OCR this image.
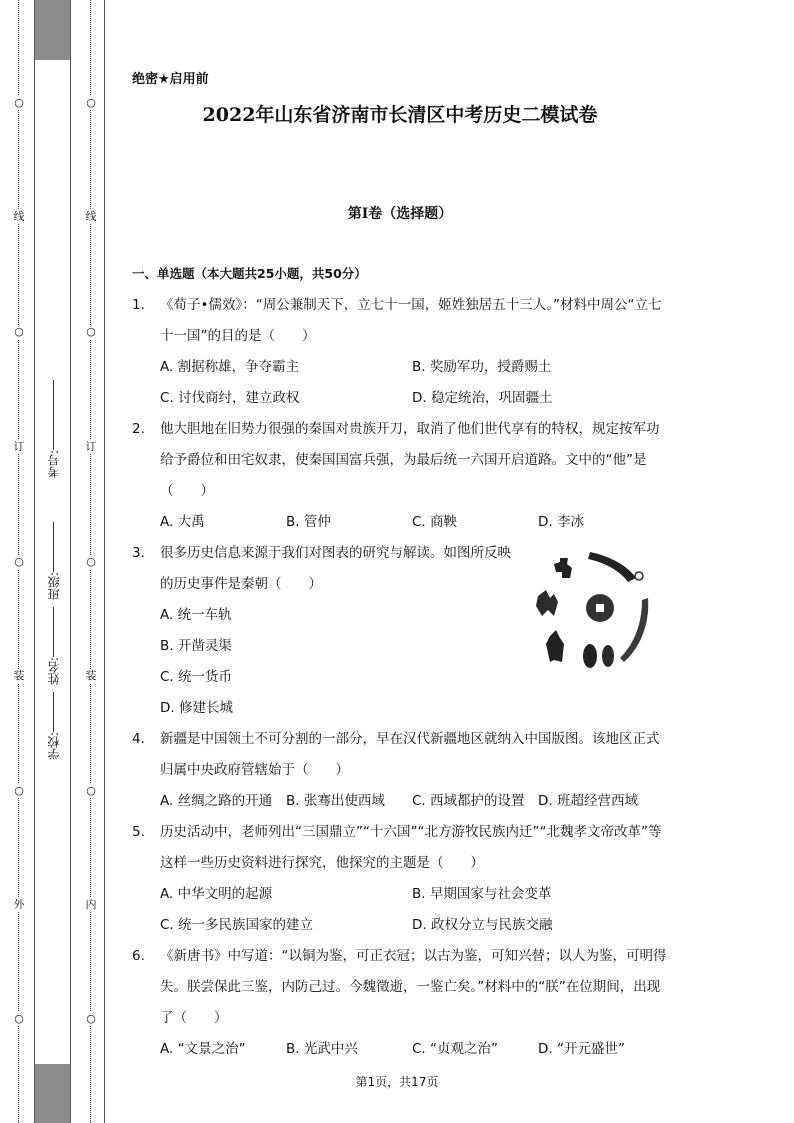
○
线
○
订
○
装
○
外
○
学校:
姓名:
班级:
考号:
○
线
○
订
○
装
○
内
○
绝密★启用前
2022年山东省济南市长清区中考历史二模试卷
第I卷（选择题）
一、单选题（本大题共25小题，共50分）
1.	《荀子•儒效》：“周公兼制天下，立七十一国，姬姓独居五十三人。”材料中周公“立七十一国”的目的是（　　）
A. 割据称雄，争夺霸主	B. 奖励军功，授爵赐土
C. 讨伐商纣，建立政权	D. 稳定统治，巩固疆土
2.	他大胆地在旧势力很强的秦国对贵族开刀，取消了他们世代享有的特权，规定按军功给予爵位和田宅奴隶，使秦国国富兵强，为最后统一六国开启道路。文中的“他”是（　　）
A. 大禹	B. 管仲	C. 商鞅	D. 李冰
3.	很多历史信息来源于我们对图表的研究与解读。如图所反映的历史事件是秦朝（　　）
A. 统一车轨
B. 开凿灵渠
C. 统一货币
D. 修建长城
4.	新疆是中国领土不可分割的一部分，早在汉代新疆地区就纳入中国版图。该地区正式归属中央政府管辖始于（　　）
A. 丝绸之路的开通 B. 张骞出使西域 C. 西域都护的设置 D. 班超经营西域
5.	历史活动中，老师列出“三国鼎立”“十六国”“北方游牧民族内迁”“北魏孝文帝改革”等这样一些历史资料进行探究，他探究的主题是（　　）
A. 中华文明的起源	B. 早期国家与社会变革
C. 统一多民族国家的建立	D. 政权分立与民族交融
6.	《新唐书》中写道：“以铜为鉴，可正衣冠；以古为鉴，可知兴替；以人为鉴，可明得失。朕尝保此三鉴，内防己过。今魏徵逝，一鉴亡矣。”材料中的“朕”在位期间，出现了（　　）
A. “文景之治”	B. 光武中兴	C. “贞观之治”	D. “开元盛世”
第1页，共17页
